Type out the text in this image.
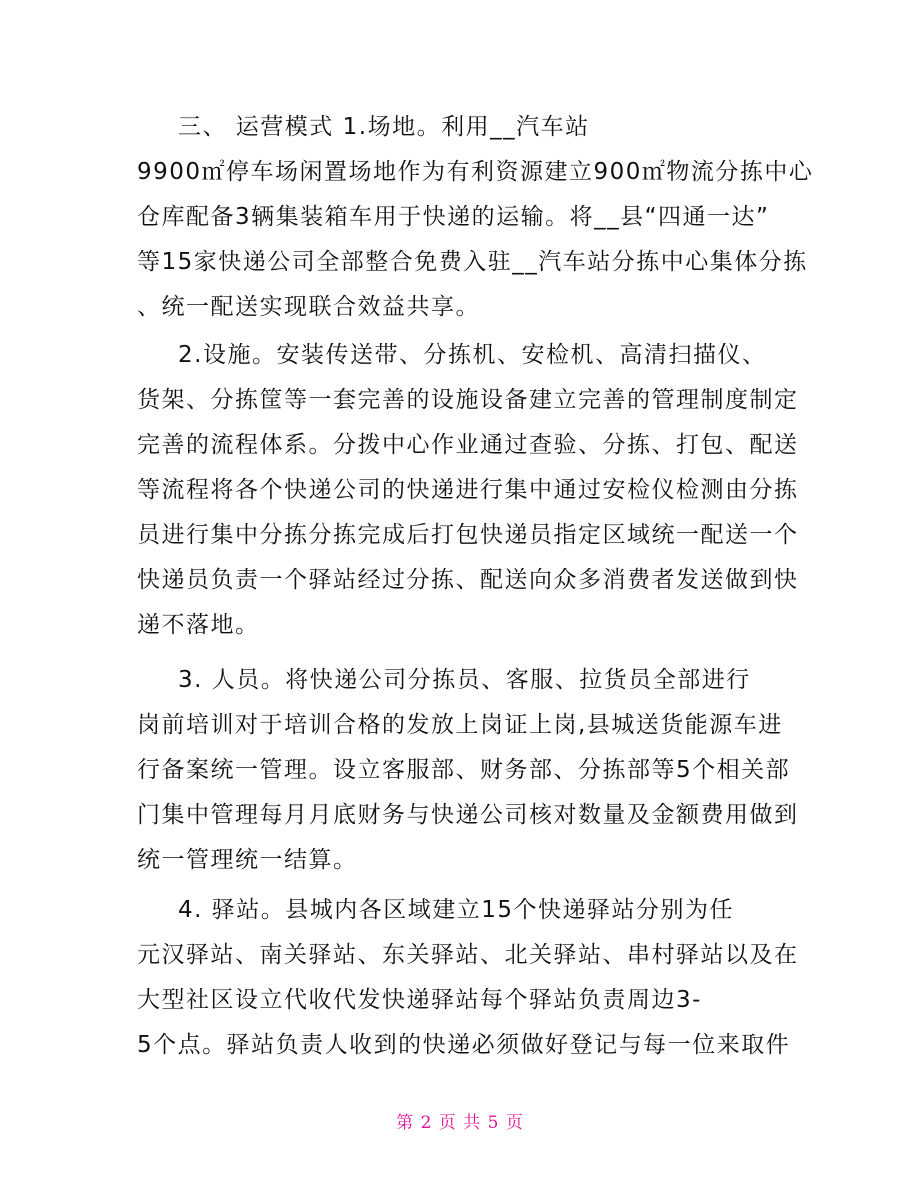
三、 运营模式 1.场地。利用__汽车站
9900㎡停车场闲置场地作为有利资源建立900㎡物流分拣中心
仓库配备3辆集装箱车用于快递的运输。将__县“四通一达”
等15家快递公司全部整合免费入驻__汽车站分拣中心集体分拣
、统一配送实现联合效益共享。
2.设施。安装传送带、分拣机、安检机、高清扫描仪、
货架、分拣筐等一套完善的设施设备建立完善的管理制度制定
完善的流程体系。分拨中心作业通过查验、分拣、打包、配送
等流程将各个快递公司的快递进行集中通过安检仪检测由分拣
员进行集中分拣分拣完成后打包快递员指定区域统一配送一个
快递员负责一个驿站经过分拣、配送向众多消费者发送做到快
递不落地。
3. 人员。将快递公司分拣员、客服、拉货员全部进行
岗前培训对于培训合格的发放上岗证上岗,县城送货能源车进
行备案统一管理。设立客服部、财务部、分拣部等5个相关部
门集中管理每月月底财务与快递公司核对数量及金额费用做到
统一管理统一结算。
4. 驿站。县城内各区域建立15个快递驿站分别为任
元汉驿站、南关驿站、东关驿站、北关驿站、串村驿站以及在
大型社区设立代收代发快递驿站每个驿站负责周边3-
5个点。驿站负责人收到的快递必须做好登记与每一位来取件
第 2 页 共 5 页
